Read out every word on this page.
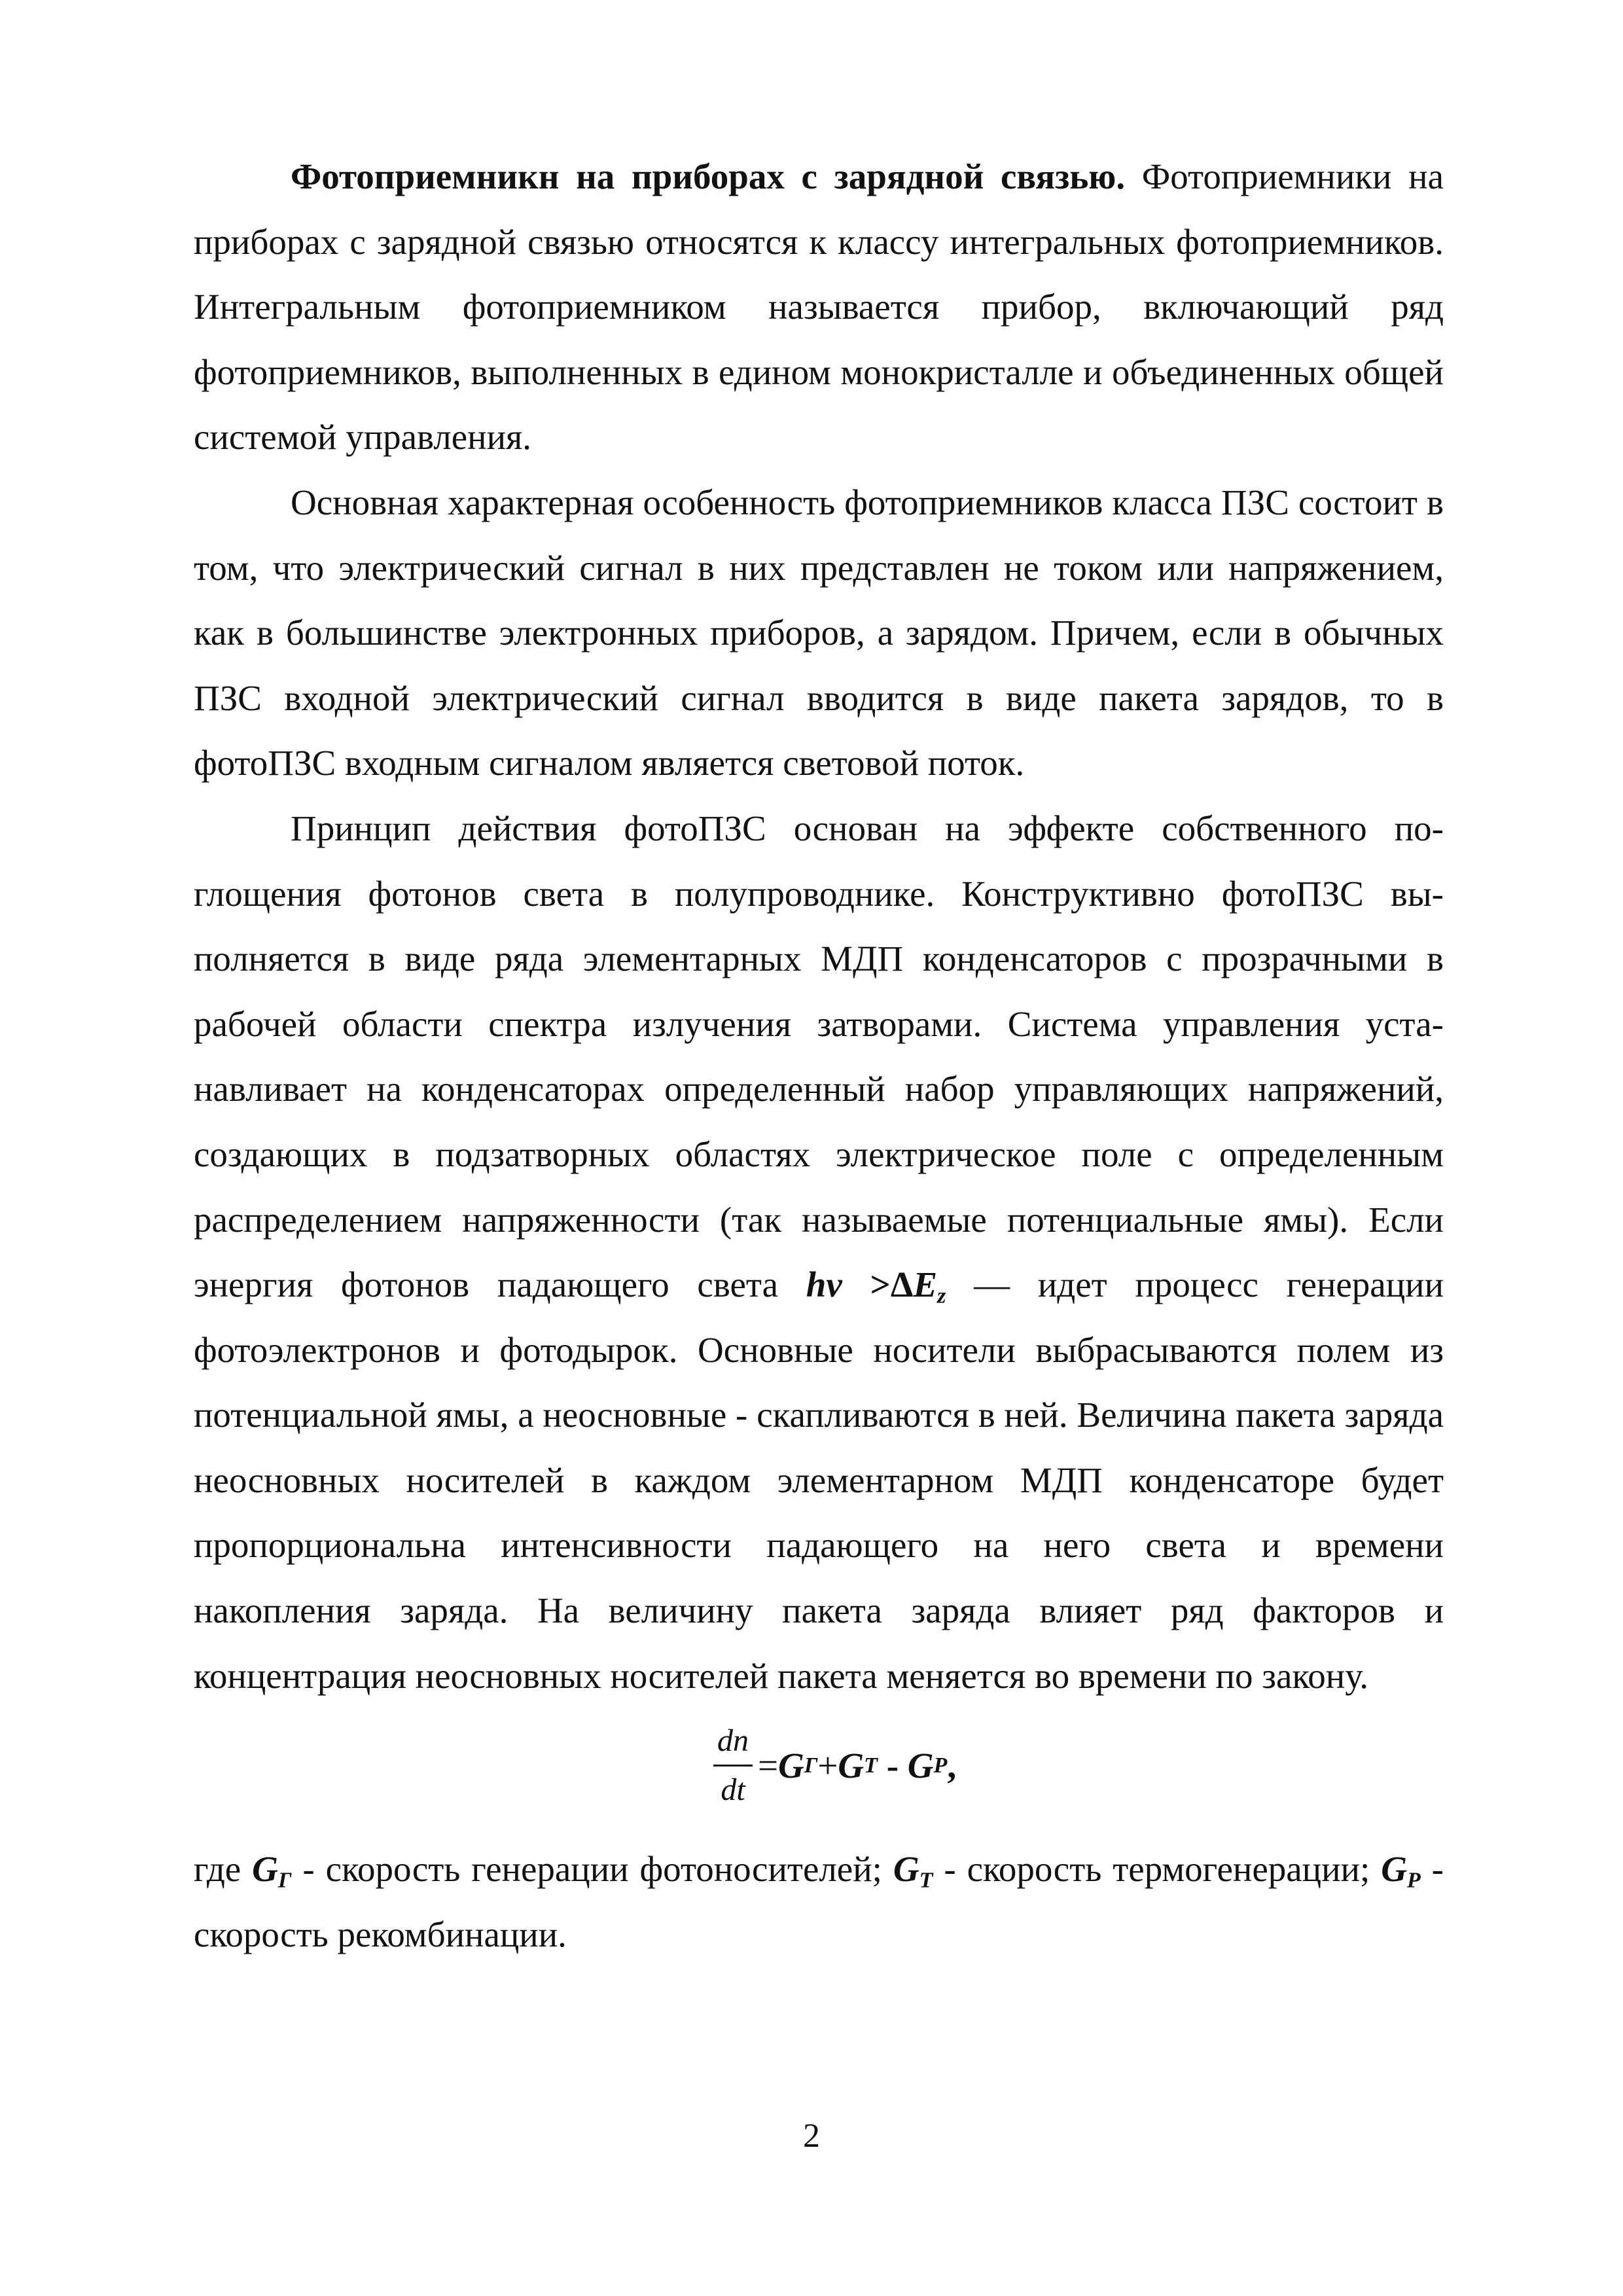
Фотоприемникн на приборах с зарядной связью. Фотоприемники на приборах с зарядной связью относятся к классу интегральных фотоприемников. Интегральным фотоприемником называется прибор, включающий ряд фотоприемников, выполненных в едином монокристалле и объединенных общей системой управления.

Основная характерная особенность фотоприемников класса ПЗС состоит в том, что электрический сигнал в них представлен не током или напряжением, как в большинстве электронных приборов, а зарядом. Причем, если в обычных ПЗС входной электрический сигнал вводится в виде пакета зарядов, то в фотоПЗС входным сигналом является световой поток.

Принцип действия фотоПЗС основан на эффекте собственного поглощения фотонов света в полупроводнике. Конструктивно фотоПЗС выполняется в виде ряда элементарных МДП конденсаторов с прозрачными в рабочей области спектра излучения затворами. Система управления устанавливает на конденсаторах определенный набор управляющих напряжений, создающих в подзатворных областях электрическое поле с определенным распределением напряженности (так называемые потенциальные ямы). Если энергия фотонов падающего света $h\nu >\Delta E_z$ — идет процесс генерации фотоэлектронов и фотодырок. Основные носители выбрасываются полем из потенциальной ямы, а неосновные - скапливаются в ней. Величина пакета заряда неосновных носителей в каждом элементарном МДП конденсаторе будет пропорциональна интенсивности падающего на него света и времени накопления заряда. На величину пакета заряда влияет ряд факторов и концентрация неосновных носителей пакета меняется во времени по закону.

$\frac{dn}{dt} = G$ Г + G T - G P ,

где $G_Г$ - скорость генерации фотоносителей; $G_T$ - скорость термогенерации; $G_P$ - скорость рекомбинации.

2
